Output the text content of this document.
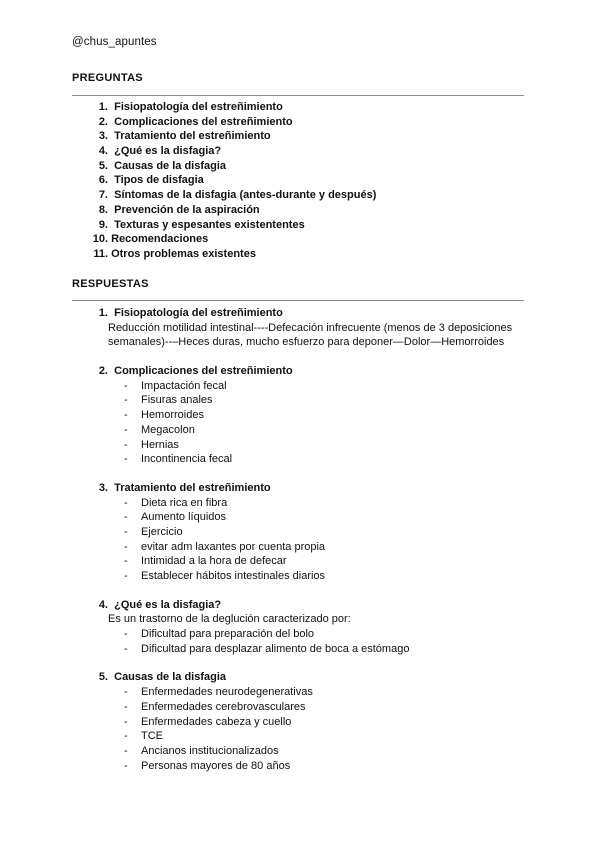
@chus_apuntes
PREGUNTAS
1. Fisiopatología del estreñimiento
2. Complicaciones del estreñimiento
3. Tratamiento del estreñimiento
4. ¿Qué es la disfagia?
5. Causas de la disfagia
6. Tipos de disfagia
7. Síntomas de la disfagia (antes-durante y después)
8. Prevención de la aspiración
9. Texturas y espesantes existententes
10. Recomendaciones
11. Otros problemas existentes
RESPUESTAS
1. Fisiopatología del estreñimiento
Reducción motilidad intestinal----Defecación infrecuente (menos de 3 deposiciones semanales)--–Heces duras, mucho esfuerzo para deponer—Dolor—Hemorroides
2. Complicaciones del estreñimiento
- Impactación fecal
- Fisuras anales
- Hemorroides
- Megacolon
- Hernias
- Incontinencia fecal
3. Tratamiento del estreñimiento
- Dieta rica en fibra
- Aumento líquidos
- Ejercicio
- evitar adm laxantes por cuenta propia
- Intimidad a la hora de defecar
- Establecer hábitos intestinales diarios
4. ¿Qué es la disfagia?
Es un trastorno de la deglución caracterizado por:
- Dificultad para preparación del bolo
- Dificultad para desplazar alimento de boca a estómago
5. Causas de la disfagia
- Enfermedades neurodegenerativas
- Enfermedades cerebrovasculares
- Enfermedades cabeza y cuello
- TCE
- Ancianos institucionalizados
- Personas mayores de 80 años
